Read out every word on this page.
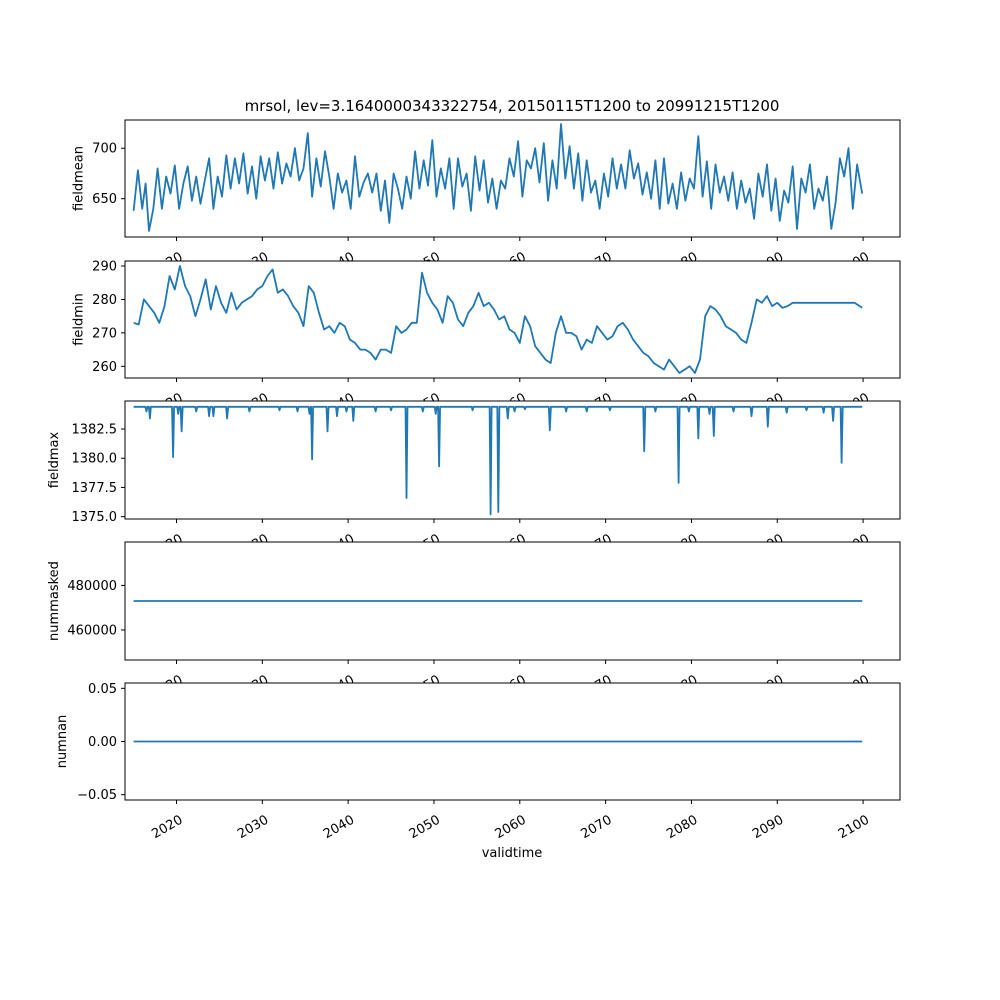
mrsol, lev=3.1640000343322754, 20150115T1200 to 20991215T1200
650
700
fieldmean
260
270
280
290
fieldmin
1375.0
1377.5
1380.0
1382.5
fieldmax
460000
480000
nummasked
−0.05
0.00
0.05
2020	2030	2040	2050	2060	2070	2080	2090	2100
numnan
validtime
